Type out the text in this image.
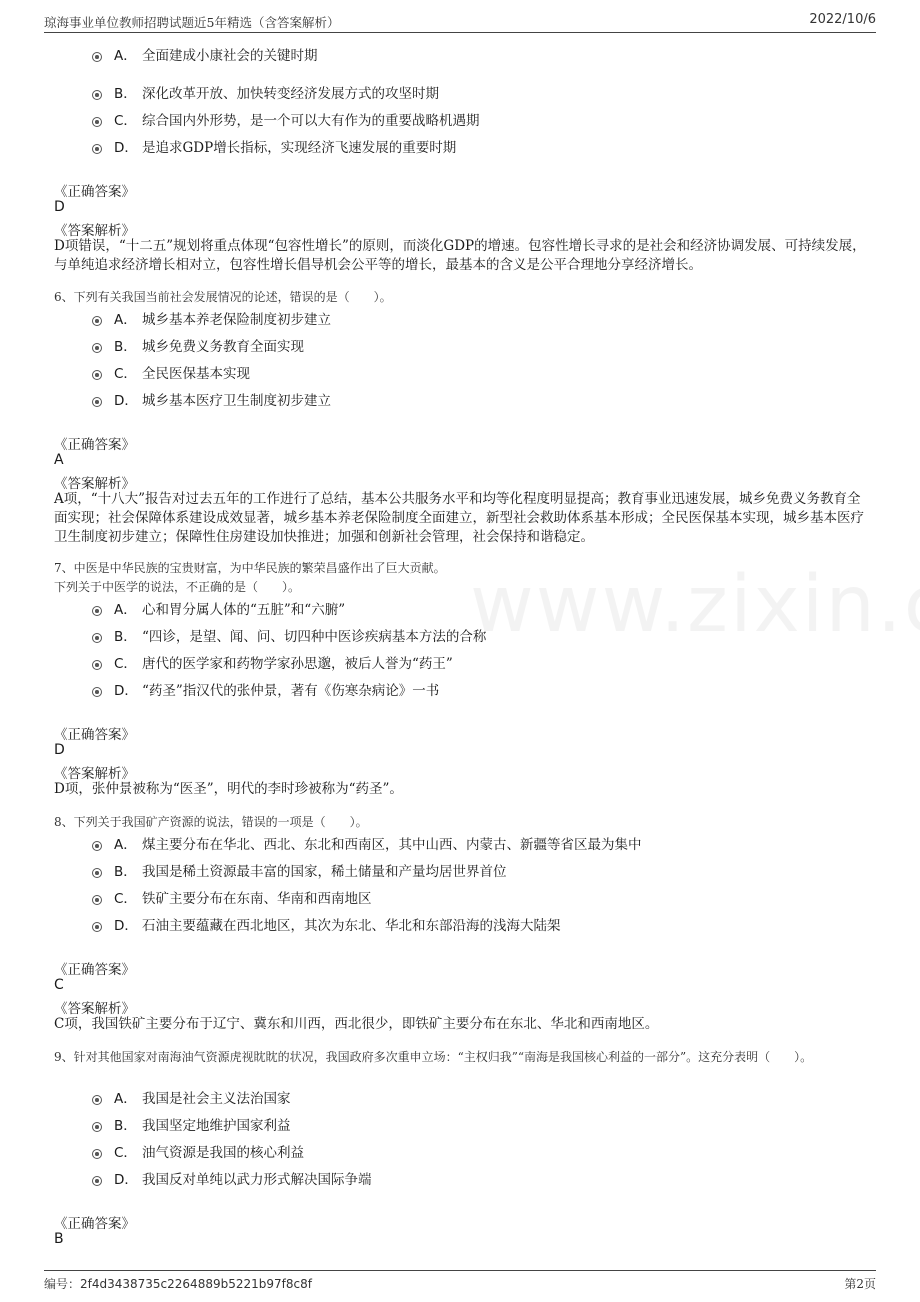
琼海事业单位教师招聘试题近5年精选（含答案解析）	2022/10/6
A． 全面建成小康社会的关键时期
B． 深化改革开放、加快转变经济发展方式的攻坚时期
C． 综合国内外形势，是一个可以大有作为的重要战略机遇期
D． 是追求GDP增长指标，实现经济飞速发展的重要时期
《正确答案》
D
《答案解析》
D项错误，“十二五”规划将重点体现“包容性增长”的原则，而淡化GDP的增速。包容性增长寻求的是社会和经济协调发展、可持续发展，与单纯追求经济增长相对立，包容性增长倡导机会公平等的增长，最基本的含义是公平合理地分享经济增长。
6、下列有关我国当前社会发展情况的论述，错误的是（　　）。
A． 城乡基本养老保险制度初步建立
B． 城乡免费义务教育全面实现
C． 全民医保基本实现
D． 城乡基本医疗卫生制度初步建立
《正确答案》
A
《答案解析》
A项，“十八大”报告对过去五年的工作进行了总结，基本公共服务水平和均等化程度明显提高；教育事业迅速发展，城乡免费义务教育全面实现；社会保障体系建设成效显著，城乡基本养老保险制度全面建立，新型社会救助体系基本形成；全民医保基本实现，城乡基本医疗卫生制度初步建立；保障性住房建设加快推进；加强和创新社会管理，社会保持和谐稳定。
7、中医是中华民族的宝贵财富，为中华民族的繁荣昌盛作出了巨大贡献。
下列关于中医学的说法，不正确的是（　　）。
A． 心和胃分属人体的“五脏”和“六腑”
B． “四诊，是望、闻、问、切四种中医诊疾病基本方法的合称
C． 唐代的医学家和药物学家孙思邈，被后人誉为“药王”
D． “药圣”指汉代的张仲景，著有《伤寒杂病论》一书
《正确答案》
D
《答案解析》
D项，张仲景被称为“医圣”，明代的李时珍被称为“药圣”。
8、下列关于我国矿产资源的说法，错误的一项是（　　）。
A． 煤主要分布在华北、西北、东北和西南区，其中山西、内蒙古、新疆等省区最为集中
B． 我国是稀土资源最丰富的国家，稀土储量和产量均居世界首位
C． 铁矿主要分布在东南、华南和西南地区
D． 石油主要蕴藏在西北地区，其次为东北、华北和东部沿海的浅海大陆架
《正确答案》
C
《答案解析》
C项，我国铁矿主要分布于辽宁、冀东和川西，西北很少，即铁矿主要分布在东北、华北和西南地区。
9、针对其他国家对南海油气资源虎视眈眈的状况，我国政府多次重申立场：“主权归我”“南海是我国核心利益的一部分”。这充分表明（　　）。
A． 我国是社会主义法治国家
B． 我国坚定地维护国家利益
C． 油气资源是我国的核心利益
D． 我国反对单纯以武力形式解决国际争端
《正确答案》
B
编号：2f4d3438735c2264889b5221b97f8c8f	第2页
